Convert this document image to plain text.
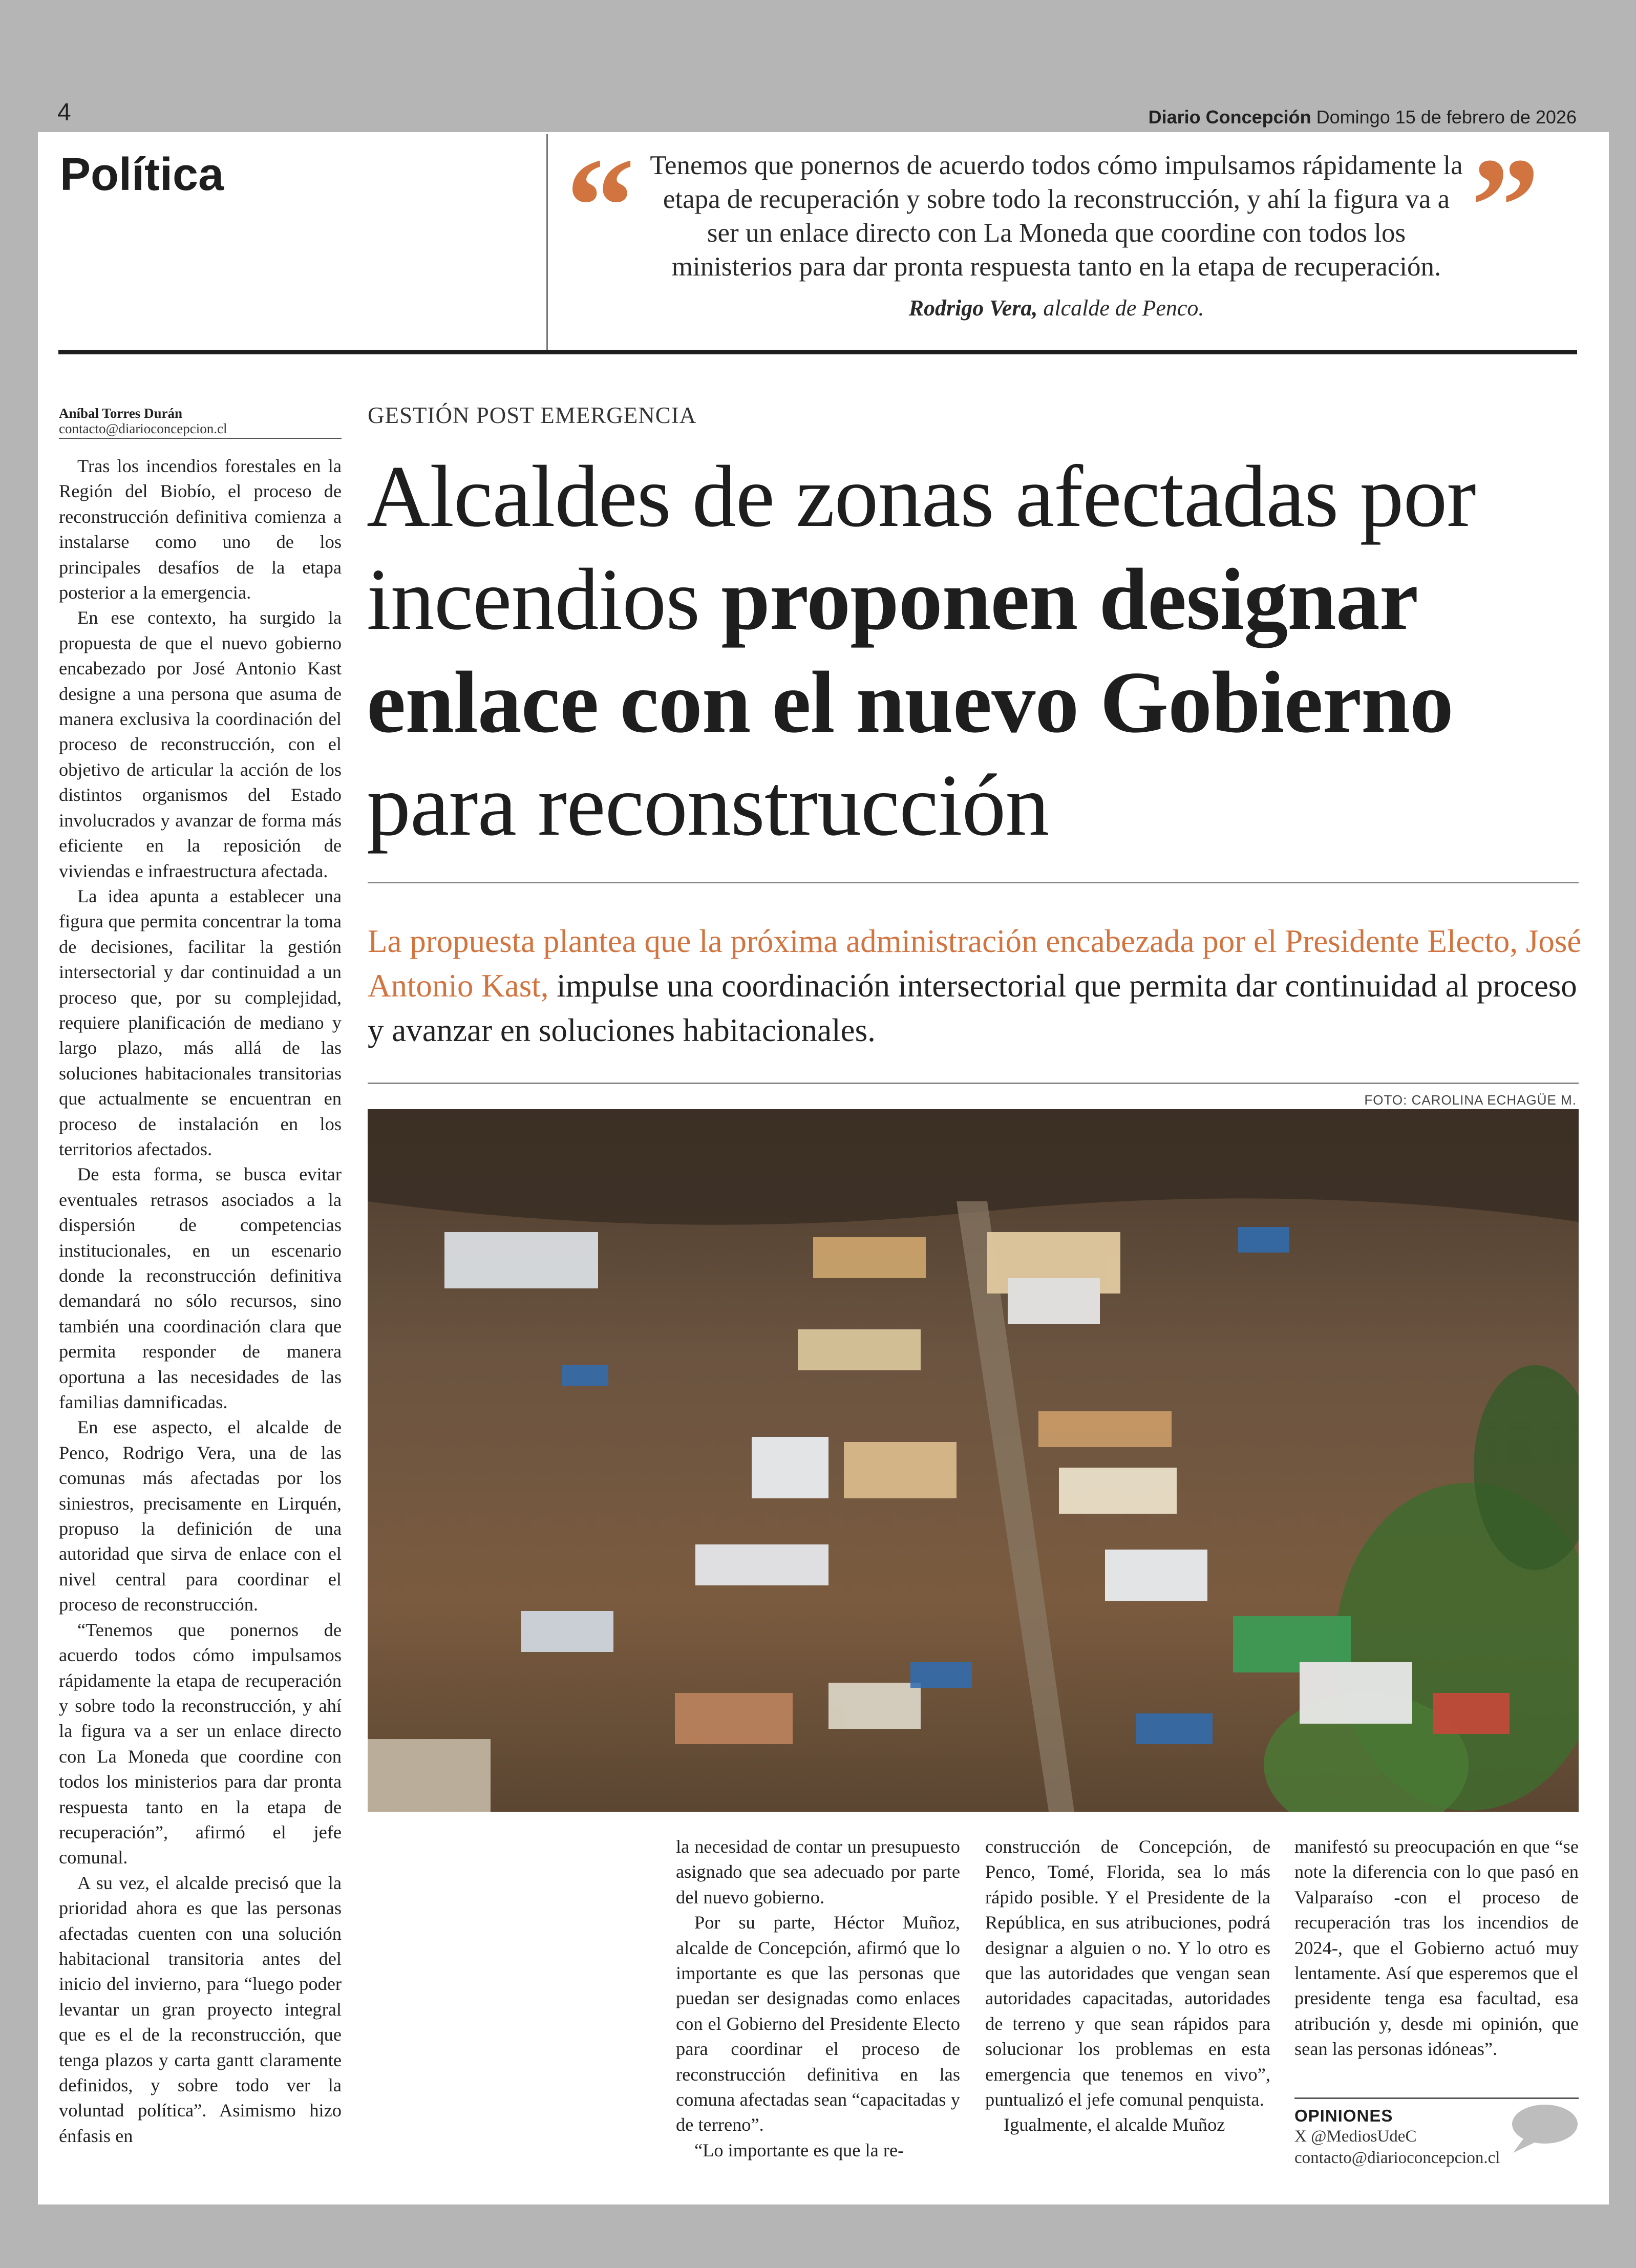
4	Diario Concepción Domingo 15 de febrero de 2026
Política “	”
Tenemos que ponernos de acuerdo todos cómo impulsamos rápidamente la etapa de recuperación y sobre todo la reconstrucción, y ahí la figura va a ser un enlace directo con La Moneda que coordine con todos los ministerios para dar pronta respuesta tanto en la etapa de recuperación.
Rodrigo Vera, alcalde de Penco.
Aníbal Torres Durán
contacto@diarioconcepcion.cl
GESTIÓN POST EMERGENCIA
Alcaldes de zonas afectadas por incendios proponen designar enlace con el nuevo Gobierno para reconstrucción
La propuesta plantea que la próxima administración encabezada por el Presidente Electo, José Antonio Kast, impulse una coordinación intersectorial que permita dar continuidad al proceso y avanzar en soluciones habitacionales.
FOTO: CAROLINA ECHAGÜE M.

Tras los incendios forestales en la Región del Biobío, el proceso de reconstrucción definitiva comienza a instalarse como uno de los principales desafíos de la etapa posterior a la emergencia.

En ese contexto, ha surgido la propuesta de que el nuevo gobierno encabezado por José Antonio Kast designe a una persona que asuma de manera exclusiva la coordinación del proceso de reconstrucción, con el objetivo de articular la acción de los distintos organismos del Estado involucrados y avanzar de forma más eficiente en la reposición de viviendas e infraestructura afectada.

La idea apunta a establecer una figura que permita concentrar la toma de decisiones, facilitar la gestión intersectorial y dar continuidad a un proceso que, por su complejidad, requiere planificación de mediano y largo plazo, más allá de las soluciones habitacionales transitorias que actualmente se encuentran en proceso de instalación en los territorios afectados.

De esta forma, se busca evitar eventuales retrasos asociados a la dispersión de competencias institucionales, en un escenario donde la reconstrucción definitiva demandará no sólo recursos, sino también una coordinación clara que permita responder de manera oportuna a las necesidades de las familias damnificadas.

En ese aspecto, el alcalde de Penco, Rodrigo Vera, una de las comunas más afectadas por los siniestros, precisamente en Lirquén, propuso la definición de una autoridad que sirva de enlace con el nivel central para coordinar el proceso de reconstrucción.

“Tenemos que ponernos de acuerdo todos cómo impulsamos rápidamente la etapa de recuperación y sobre todo la reconstrucción, y ahí la figura va a ser un enlace directo con La Moneda que coordine con todos los ministerios para dar pronta respuesta tanto en la etapa de recuperación”, afirmó el jefe comunal.

A su vez, el alcalde precisó que la prioridad ahora es que las personas afectadas cuenten con una solución habitacional transitoria antes del inicio del invierno, para “luego poder levantar un gran proyecto integral que es el de la reconstrucción, que tenga plazos y carta gantt claramente definidos, y sobre todo ver la voluntad política”. Asimismo hizo énfasis en

la necesidad de contar un presupuesto asignado que sea adecuado por parte del nuevo gobierno.

Por su parte, Héctor Muñoz, alcalde de Concepción, afirmó que lo importante es que las personas que puedan ser designadas como enlaces con el Gobierno del Presidente Electo para coordinar el proceso de reconstrucción definitiva en las comuna afectadas sean “capacitadas y de terreno”.

“Lo importante es que la re-

construcción de Concepción, de Penco, Tomé, Florida, sea lo más rápido posible. Y el Presidente de la República, en sus atribuciones, podrá designar a alguien o no. Y lo otro es que las autoridades que vengan sean autoridades capacitadas, autoridades de terreno y que sean rápidos para solucionar los problemas en esta emergencia que tenemos en vivo”, puntualizó el jefe comunal penquista.

Igualmente, el alcalde Muñoz

manifestó su preocupación en que “se note la diferencia con lo que pasó en Valparaíso -con el proceso de recuperación tras los incendios de 2024-, que el Gobierno actuó muy lentamente. Así que esperemos que el presidente tenga esa facultad, esa atribución y, desde mi opinión, que sean las personas idóneas”.

OPINIONES
X @MediosUdeC
contacto@diarioconcepcion.cl
